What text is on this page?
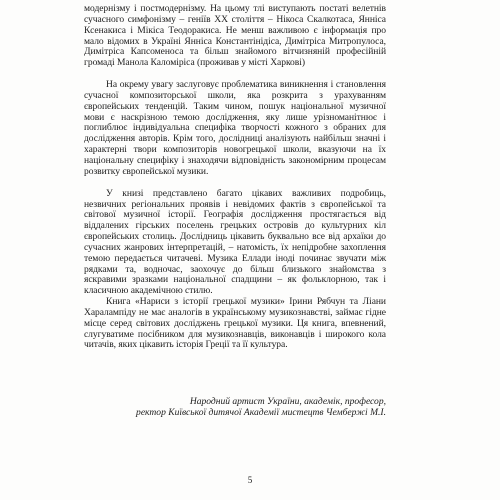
модернізму і постмодернізму. На цьому тлі виступають постаті велетнів сучасного симфонізму – геніїв XX століття – Нікоса Скалкотаса, Янніса Ксенакиса і Мікіса Теодоракиса. Не менш важливою є інформація про мало відомих в Україні Янніса Константінідіса, Димітріса Митропулоса, Димітріса Капсоменоса та більш знайомого вітчизняній професійній громаді Манола Каломіріса (проживав у місті Харкові)

На окрему увагу заслуговує проблематика виникнення і становлення сучасної композиторської школи, яка розкрита з урахуванням європейських тенденцій. Таким чином, пошук національної музичної мови є наскрізною темою дослідження, яку лише урізноманітнює і поглиблює індивідуальна специфіка творчості кожного з обраних для дослідження авторів. Крім того, дослідниці аналізують найбільш значні і характерні твори композиторів новогрецької школи, вказуючи на їх національну специфіку і знаходячи відповідність закономірним процесам розвитку європейської музики.

У книзі представлено багато цікавих важливих подробиць, незвичних регіональних проявів і невідомих фактів з європейської та світової музичної історії. Географія дослідження простягається від віддалених гірських поселень грецьких островів до культурних кіл європейських столиць. Дослідниць цікавить буквально все від архаїки до сучасних жанрових інтерпретацій, – натомість, їх непідробне захоплення темою передається читачеві. Музика Еллади іноді починає звучати між рядками та, водночас, заохочує до більш близького знайомства з яскравими зразками національної спадщини – як фольклорною, так і класичною академічною стилю.

Книга «Нариси з історії грецької музики» Ірини Рябчун та Ліани Харалампіду не має аналогів в українському музикознавстві, займає гідне місце серед світових досліджень грецької музики. Ця книга, впевнений, слугуватиме посібником для музикознавців, виконавців і широкого кола читачів, яких цікавить історія Греції та її культура.

Народний артист України, академік, професор,
ректор Київської дитячої Академії мистецтв Чембержі М.І.
5
